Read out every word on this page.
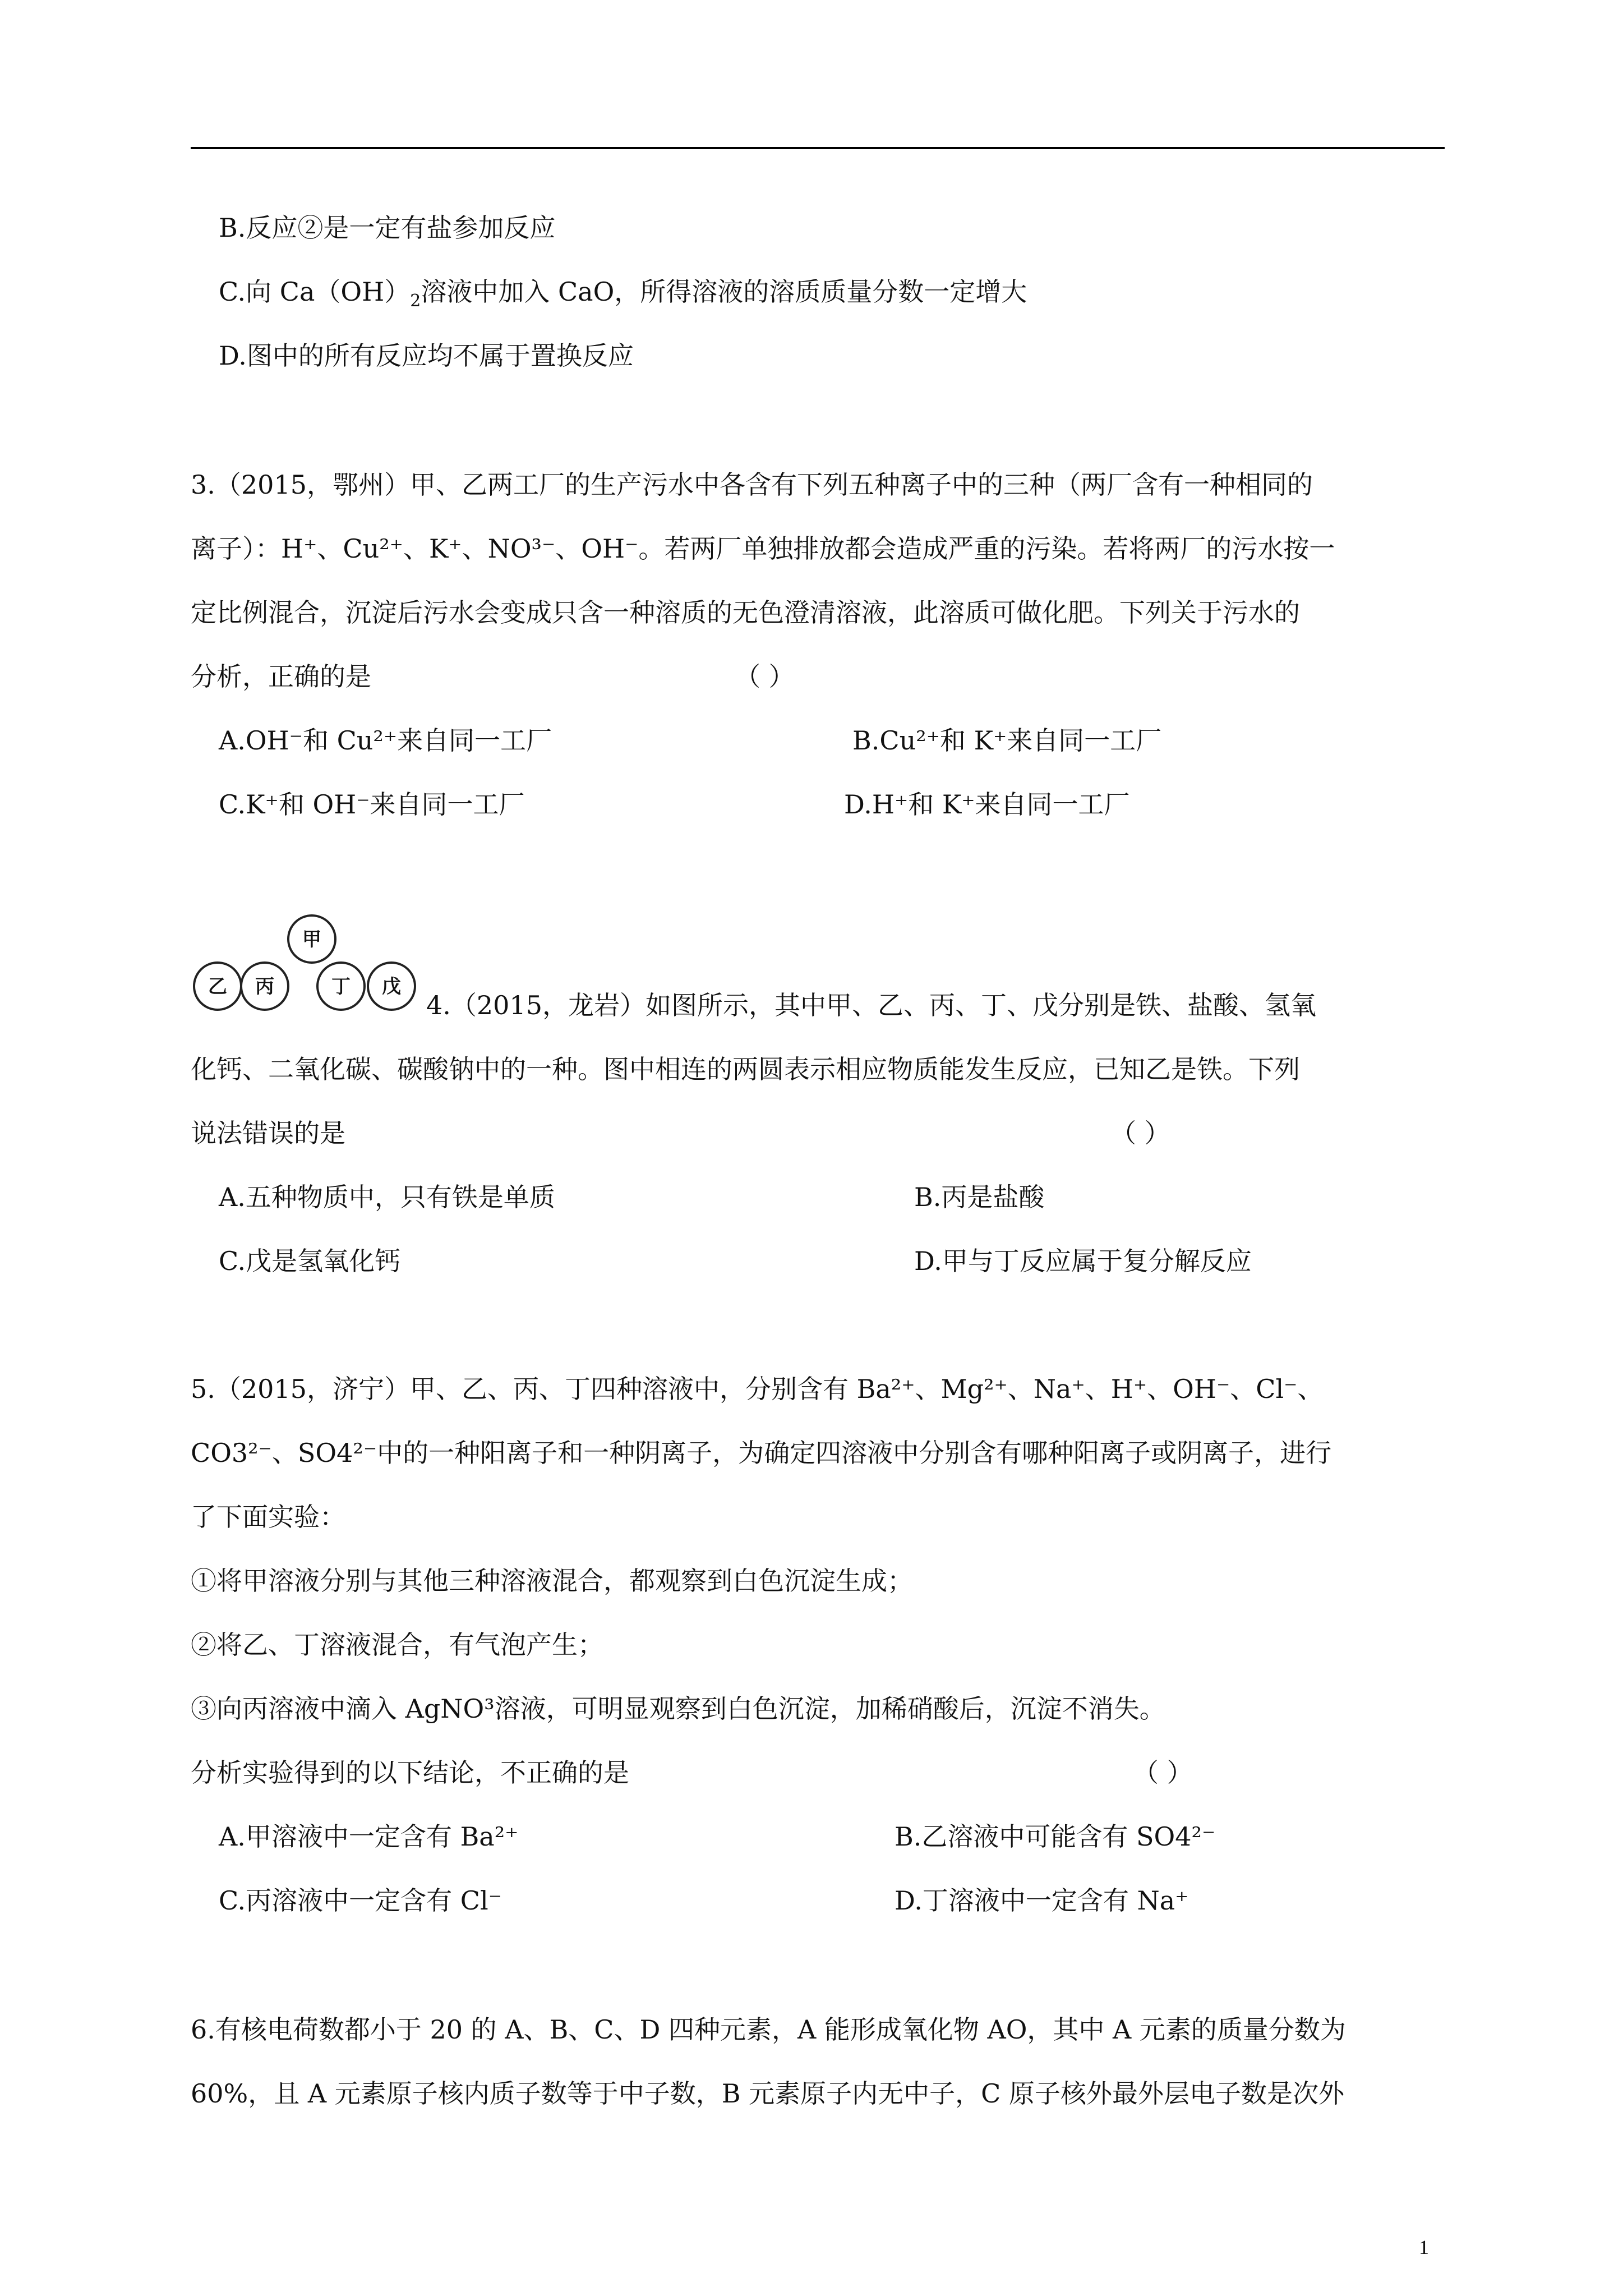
B.反应②是一定有盐参加反应
C.向 $Ca(OH)_2$溶液中加入 CaO，所得溶液的溶质质量分数一定增大
D.图中的所有反应均不属于置换反应
3.（2015，鄂州）甲、乙两工厂的生产污水中各含有下列五种离子中的三种（两厂含有一种相同的
离子）：H⁺、Cu²⁺、K⁺、NO³⁻、OH⁻。若两厂单独排放都会造成严重的污染。若将两厂的污水按一
定比例混合，沉淀后污水会变成只含一种溶质的无色澄清溶液，此溶质可做化肥。下列关于污水的
分析，正确的是	（ ）
A.OH⁻和 Cu²⁺来自同一工厂	B.Cu²⁺和 K⁺来自同一工厂
C.K⁺和 OH⁻来自同一工厂	D.H⁺和 K⁺来自同一工厂
甲
乙 丙	丁 戊
4.（2015，龙岩）如图所示，其中甲、乙、丙、丁、戊分别是铁、盐酸、氢氧
化钙、二氧化碳、碳酸钠中的一种。图中相连的两圆表示相应物质能发生反应，已知乙是铁。下列
说法错误的是	（ ）
A.五种物质中，只有铁是单质	B.丙是盐酸
C.戊是氢氧化钙	D.甲与丁反应属于复分解反应
5.（2015，济宁）甲、乙、丙、丁四种溶液中，分别含有 Ba²⁺、Mg²⁺、Na⁺、H⁺、OH⁻、Cl⁻、
CO3²⁻、SO4²⁻中的一种阳离子和一种阴离子，为确定四溶液中分别含有哪种阳离子或阴离子，进行
了下面实验：
①将甲溶液分别与其他三种溶液混合，都观察到白色沉淀生成；
②将乙、丁溶液混合，有气泡产生；
③向丙溶液中滴入 AgNO³溶液，可明显观察到白色沉淀，加稀硝酸后，沉淀不消失。
分析实验得到的以下结论，不正确的是	（ ）
A.甲溶液中一定含有 Ba²⁺	B.乙溶液中可能含有 SO4²⁻
C.丙溶液中一定含有 Cl⁻	D.丁溶液中一定含有 Na⁺
6.有核电荷数都小于 20 的 A、B、C、D 四种元素，A 能形成氧化物 AO，其中 A 元素的质量分数为
60%，且 A 元素原子核内质子数等于中子数，B 元素原子内无中子，C 原子核外最外层电子数是次外
1
